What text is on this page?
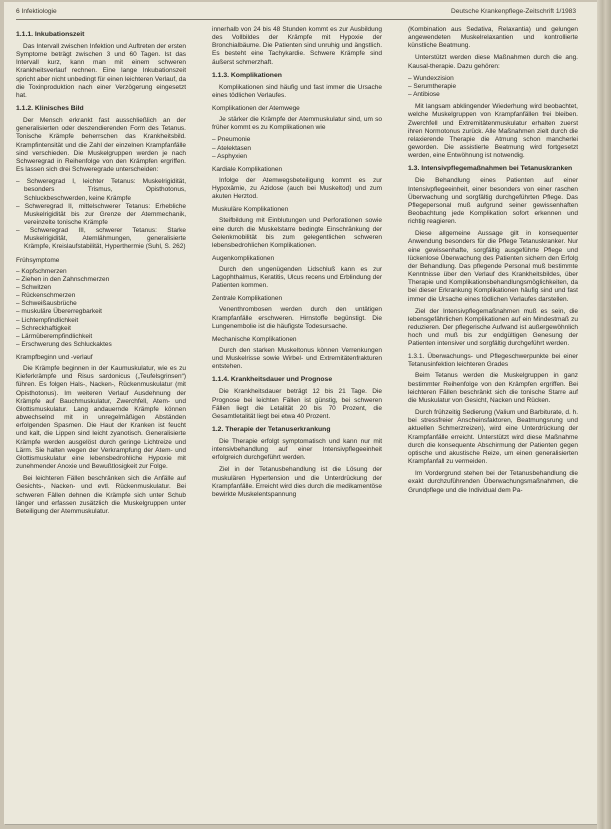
6 Infektiologie	Deutsche Krankenpflege-Zeitschrift 1/1983
1.1.1. Inkubationszeit

Das Intervall zwischen Infektion und Auftreten der ersten Symptome beträgt zwischen 3 und 60 Tagen. Ist das Intervall kurz, kann man mit einem schweren Krankheitsverlauf rechnen. Eine lange Inkubationszeit spricht aber nicht unbedingt für einen leichteren Verlauf, da die Toxinproduktion nach einer Verzögerung eingesetzt hat.

1.1.2. Klinisches Bild

Der Mensch erkrankt fast ausschließlich an der generalisierten oder deszendierenden Form des Tetanus. Tonische Krämpfe beherrschen das Krankheitsbild. Krampfintensität und die Zahl der einzelnen Krampfanfälle sind verschieden. Die Muskelgruppen werden je nach Schweregrad in Reihenfolge von den Krämpfen ergriffen. Es lassen sich drei Schweregrade unterscheiden:

– Schweregrad I, leichter Tetanus: Muskelrigidität, besonders Trismus, Opisthotonus, Schluckbeschwerden, keine Krämpfe
– Schweregrad II, mittelschwerer Tetanus: Erhebliche Muskelrigidität bis zur Grenze der Atemmechanik, vereinzelte tonische Krämpfe
– Schweregrad III, schwerer Tetanus: Starke Muskelrigidität, Atemlähmungen, generalisierte Krämpfe, Kreislaufstabilität, Hyperthermie (Suhl, S. 262)
Frühsymptome
– Kopfschmerzen
– Ziehen in den Zahnschmerzen
– Schwitzen
– Rückenschmerzen
– Schweißausbrüche
– muskuläre Übererregbarkeit
– Lichtempfindlichkeit
– Schreckhaftigkeit
– Lärmüberempfindlichkeit
– Erschwerung des Schluckaktes
Krampfbeginn und -verlauf

Die Krämpfe beginnen in der Kaumuskulatur, wie es zu Kieferkrämpfe und Risus sardonicus („Teufelsgrinsen“) führen. Es folgen Hals-, Nacken-, Rückenmuskulatur (mit Opisthotonus). Im weiteren Verlauf Ausdehnung der Krämpfe auf Bauchmuskulatur, Zwerchfell, Atem- und Glottismuskulatur. Lang andauernde Krämpfe können abwechselnd mit in unregelmäßigen Abständen erfolgenden Spasmen. Die Haut der Kranken ist feucht und kalt, die Lippen sind leicht zyanotisch. Generalisierte Krämpfe werden ausgelöst durch geringe Lichtreize und Lärm. Sie halten wegen der Verkrampfung der Atem- und Glottismuskulatur eine lebensbedrohliche Hypoxie mit zunehmender Anoxie und Bewußtlosigkeit zur Folge.

Bei leichteren Fällen beschränken sich die Anfälle auf Gesichts-, Nacken- und evtl. Rückenmuskulatur. Bei schweren Fällen dehnen die Krämpfe sich unter Schub länger und erfassen zusätzlich die Muskelgruppen unter Beteiligung der Atemmuskulatur.

innerhalb von 24 bis 48 Stunden kommt es zur Ausbildung des Vollbildes der Krämpfe mit Hypoxie der Bronchialbäume. Die Patienten sind unruhig und ängstlich. Es besteht eine Tachykardie. Schwere Krämpfe sind äußerst schmerzhaft.

1.1.3. Komplikationen

Komplikationen sind häufig und fast immer die Ursache eines tödlichen Verlaufes.

Komplikationen der Atemwege

Je stärker die Krämpfe der Atemmuskulatur sind, um so früher kommt es zu Komplikationen wie

– Pneumonie
– Atelektasen
– Asphyxien
Kardiale Komplikationen

Infolge der Atemwegsbeteiligung kommt es zur Hypoxämie, zu Azidose (auch bei Muskeltod) und zum akuten Herztod.

Muskuläre Komplikationen

Steifbildung mit Einblutungen und Perforationen sowie eine durch die Muskelstarre bedingte Einschränkung der Gelenkmobilität bis zum gelegentlichen schweren lebensbedrohlichen Komplikationen.

Augenkomplikationen

Durch den ungenügenden Lidschluß kann es zur Lagophthalmus, Keratitis, Ulcus recens und Erblindung der Patienten kommen.

Zentrale Komplikationen

Venenthrombosen werden durch den untätigen Krampfanfälle erschweren. Hirnstoffe begünstigt. Die Lungenembolie ist die häufigste Todesursache.

Mechanische Komplikationen

Durch den starken Muskeltonus können Verrenkungen und Muskelrisse sowie Wirbel- und Extremitätenfrakturen entstehen.

1.1.4. Krankheitsdauer und Prognose

Die Krankheitsdauer beträgt 12 bis 21 Tage. Die Prognose bei leichten Fällen ist günstig, bei schweren Fällen liegt die Letalität 20 bis 70 Prozent, die Gesamtletalität liegt bei etwa 40 Prozent.

1.2. Therapie der Tetanuserkrankung

Die Therapie erfolgt symptomatisch und kann nur mit intensivbehandlung auf einer Intensivpflegeeinheit erfolgreich durchgeführt werden.

Ziel in der Tetanusbehandlung ist die Lösung der muskulären Hypertension und die Unterdrückung der Krampfanfälle. Erreicht wird dies durch die medikamentöse bewirkte Muskelentspannung

(Kombination aus Sedativa, Relaxantia) und gelungen angewendeten Muskelrelaxantien und kontrollierte künstliche Beatmung.

Unterstützt werden diese Maßnahmen durch die ang. Kausal-therapie. Dazu gehören:

– Wundexzision
– Serumtherapie
– Antibiose

Mit langsam abklingender Wiederhung wird beobachtet, welche Muskelgruppen von Krampfanfällen frei bleiben. Zwerchfell und Extremitätenmuskulatur erhalten zuerst ihren Normotonus zurück. Alle Maßnahmen zielt durch die relaxierende Therapie die Atmung schon mancherlei geworden. Die assistierte Beatmung wird fortgesetzt werden, eine Entwöhnung ist notwendig.

1.3. Intensivpflegemaßnahmen bei Tetanuskranken

Die Behandlung eines Patienten auf einer Intensivpflegeeinheit, einer besonders von einer raschen Überwachung und sorgfältig durchgeführten Pflege. Das Pflegepersonal muß aufgrund seiner gewissenhaften Beobachtung jede Komplikation sofort erkennen und richtig reagieren.

Diese allgemeine Aussage gilt in konsequenter Anwendung besonders für die Pflege Tetanuskranker. Nur eine gewissenhafte, sorgfältig ausgeführte Pflege und lückenlose Überwachung des Patienten sichern den Erfolg der Behandlung. Das pflegende Personal muß bestimmte Kenntnisse über den Verlauf des Krankheitsbildes, über Therapie und Komplikationsbehandlungsmöglichkeiten, da bei dieser Erkrankung Komplikationen häufig sind und fast immer die Ursache eines tödlichen Verlaufes darstellen.

Ziel der Intensivpflegemaßnahmen muß es sein, die lebensgefährlichen Komplikationen auf ein Mindestmaß zu reduzieren. Der pflegerische Aufwand ist außergewöhnlich hoch und muß bis zur endgültigen Genesung der Patienten intensiver und sorgfältig durchgeführt werden.

1.3.1. Überwachungs- und Pflegeschwerpunkte bei einer Tetanusinfektion leichteren Grades

Beim Tetanus werden die Muskelgruppen in ganz bestimmter Reihenfolge von den Krämpfen ergriffen. Bei leichteren Fällen beschränkt sich die tonische Starre auf die Muskulatur von Gesicht, Nacken und Rücken.

Durch frühzeitig Sedierung (Valium und Barbiturate, d. h. bei stressfreier Anscheinsfaktoren, Beatmungsrung und aktuellen Schmerzreizen), wird eine Unterdrückung der Krampfanfälle erreicht. Unterstützt wird diese Maßnahme durch die konsequente Abschirmung der Patienten gegen optische und akustische Reize, um einen generalisierten Krampfanfall zu vermeiden.

Im Vordergrund stehen bei der Tetanusbehandlung die exakt durchzuführenden Überwachungsmaßnahmen, die Grundpflege und die Individual dem Pa-
